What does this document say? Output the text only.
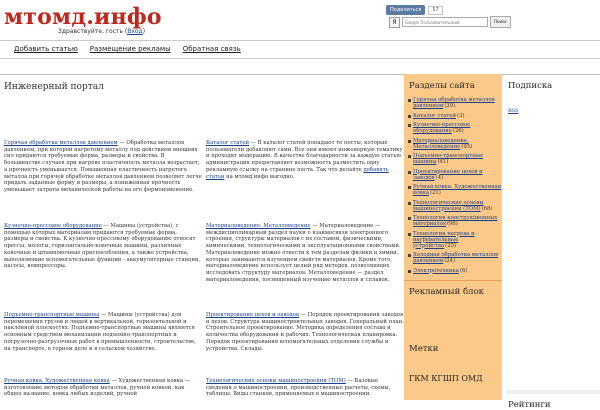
мтомд.инфо
Здравствуйте, гость (Вход)
Поделиться	57
Я
Google Пользовательский	Поиск
Добавить статью Размещение рекламы Обратная связь
Инженерный портал
Горячая обработка металлов давлением — Обработка металлов давлением, при которой нагретому металлу под действием внешних сил придаются требуемые форма, размеры и свойства. В большинстве случаев при нагреве пластичность металла возрастает, а прочность уменьшается. Повышенная пластичность нагретого металла при горячей обработке металлов давлением позволяет легче придать заданные форму и размеры, а пониженная прочность уменьшает затраты механической работы на его формоизменение.
Каталог статей — В каталог статей попадают те посты, которые пользователи добавляют сами. Все они имеют инженерную тематику и проходят модерацию. В качестве благодарности за каждую статью администрация предоставляет возможность разместить одну рекламную ссылку на странице поста. Так что делайте добавить статьи на мтомд.инфо выгодно.
Кузнечно-прессовое оборудование — Машины (устройства), с помощью которых материалам придаются требуемые форма, размеры и свойства. К кузнечно-прессовому оборудованию относят прессы, молоты, горизонтально-ковочные машины, различные ковочные и штамповочные приспособления, а также устройства, выполняющие вспомогательные функции - аккумуляторные станции, насосы, компрессоры.
Материаловедение. Металловедение — Материаловедение — междисциплинарный раздел науки о взаимосвязи электронного строения, структуры материалов с их составом, физическими, химическими, технологическими и эксплуатационными свойствами. Материаловедение можно отнести к тем разделам физики и химии, которые занимаются изучением свойств материалов. Кроме того, материаловедение использует целый ряд методов, позволяющих исследовать структуру материалов. Металловедение — раздел материаловедения, посвященный изучению металлов и сплавов.
Подъемно-транспортные машины — Машины (устройства) для перемещения грузов и людей в вертикальной, горизонтальной и наклонной плоскостях. Подъемно-транспортные машины являются основным средством механизации подъемно-транспортных и погрузочно-разгрузочных работ в промышленности, строительстве, на транспорте, в горном деле и в сельском хозяйстве.
Проектирование цехов и заводов — Порядок проектирования заводов и цехов. Структура машиностроительных заводов. Генеральный план. Строительное проектирование. Методика определения состава и количества оборудования и рабочих. Технологическая планировка. Порядок проектирования вспомогательных отделения службы и устройства. Склады.
Ручная ковка. Художественная ковка — Художественная ковка — изготовление методом обработки металлов, ручной ковкой, как общее название, ковка любых изделий, ручной
Технологические основы машиностроения (ТОМ) — Базовые сведения о машиностроении, производственные расчеты, схемы, таблицы. Виды станков, применяемых в машиностроении.
Разделы сайта
Горячая обработка металлов давлением(39)
Каталог статей(3)
Кузнечно-прессовое оборудование(26)
Материаловедение. Металловедение(95)
Подъемно-транспортные машины(41)
Проектирование цехов и заводов(4)
Ручная ковка. Художественная ковка(21)
Технологические основы машиностроения (ТОМ)(68)
Технология конструкционных материалов(96)
Технология нагрева и нагревательные устройства(25)
Холодная обработка металлов давлением(24)
Электротехника(6)
Рекламный блок
Метки
ГКМ КГШП ОМД
Подписка
RSS
Рейтинги
